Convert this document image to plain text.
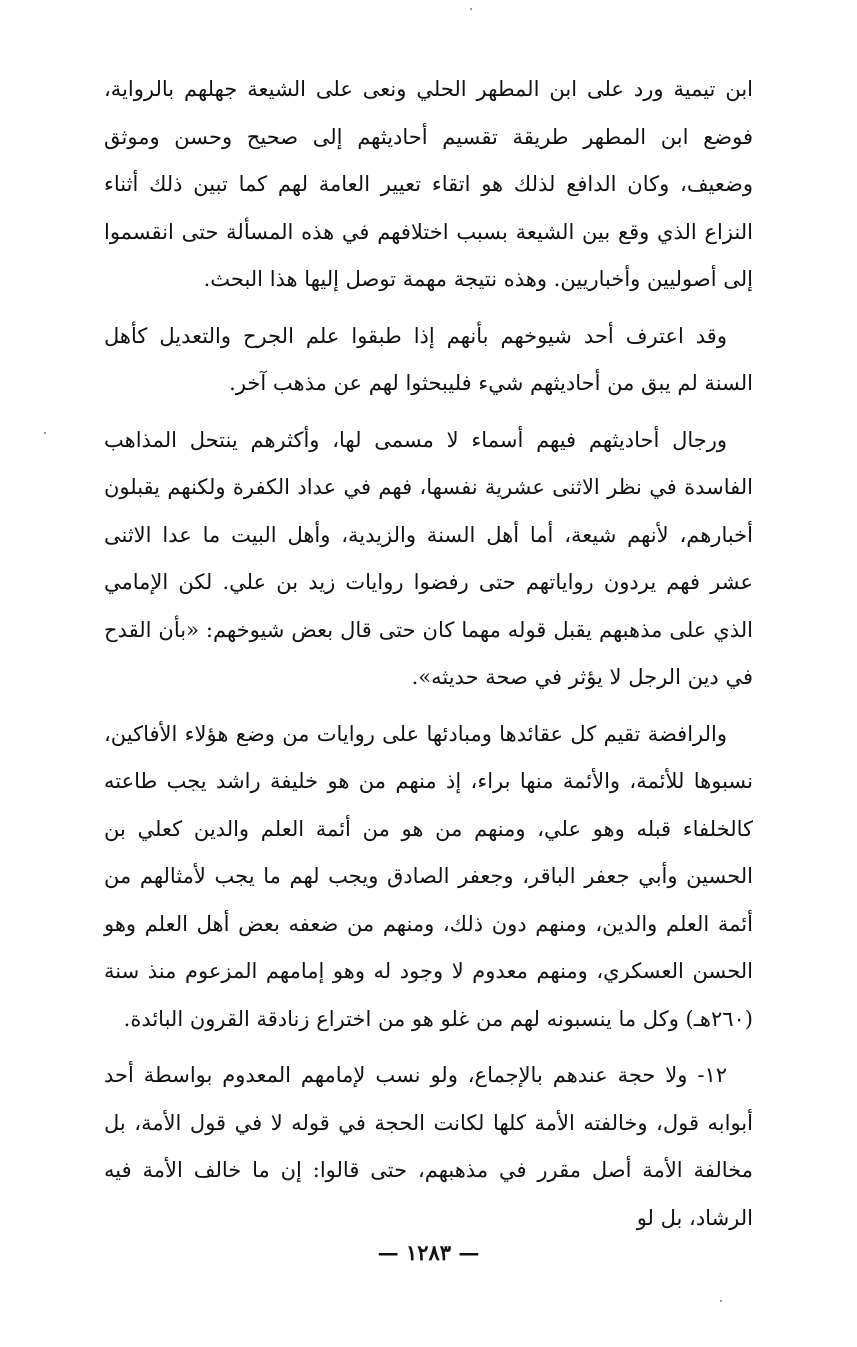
ابن تيمية ورد على ابن المطهر الحلي ونعى على الشيعة جهلهم بالرواية، فوضع ابن المطهر طريقة تقسيم أحاديثهم إلى صحيح وحسن وموثق وضعيف، وكان الدافع لذلك هو اتقاء تعيير العامة لهم كما تبين ذلك أثناء النزاع الذي وقع بين الشيعة بسبب اختلافهم في هذه المسألة حتى انقسموا إلى أصوليين وأخباريين. وهذه نتيجة مهمة توصل إليها هذا البحث.

وقد اعترف أحد شيوخهم بأنهم إذا طبقوا علم الجرح والتعديل كأهل السنة لم يبق من أحاديثهم شيء فليبحثوا لهم عن مذهب آخر.

ورجال أحاديثهم فيهم أسماء لا مسمى لها، وأكثرهم ينتحل المذاهب الفاسدة في نظر الاثنى عشرية نفسها، فهم في عداد الكفرة ولكنهم يقبلون أخبارهم، لأنهم شيعة، أما أهل السنة والزيدية، وأهل البيت ما عدا الاثنى عشر فهم يردون رواياتهم حتى رفضوا روايات زيد بن علي. لكن الإمامي الذي على مذهبهم يقبل قوله مهما كان حتى قال بعض شيوخهم: «بأن القدح في دين الرجل لا يؤثر في صحة حديثه».

والرافضة تقيم كل عقائدها ومبادئها على روايات من وضع هؤلاء الأفاكين، نسبوها للأئمة، والأئمة منها براء، إذ منهم من هو خليفة راشد يجب طاعته كالخلفاء قبله وهو علي، ومنهم من هو من أئمة العلم والدين كعلي بن الحسين وأبي جعفر الباقر، وجعفر الصادق ويجب لهم ما يجب لأمثالهم من أئمة العلم والدين، ومنهم دون ذلك، ومنهم من ضعفه بعض أهل العلم وهو الحسن العسكري، ومنهم معدوم لا وجود له وهو إمامهم المزعوم منذ سنة (٢٦٠هـ) وكل ما ينسبونه لهم من غلو هو من اختراع زنادقة القرون البائدة.

١٢- ولا حجة عندهم بالإجماع، ولو نسب لإمامهم المعدوم بواسطة أحد أبوابه قول، وخالفته الأمة كلها لكانت الحجة في قوله لا في قول الأمة، بل مخالفة الأمة أصل مقرر في مذهبهم، حتى قالوا: إن ما خالف الأمة فيه الرشاد، بل لو

— ١٢٨٣ —
